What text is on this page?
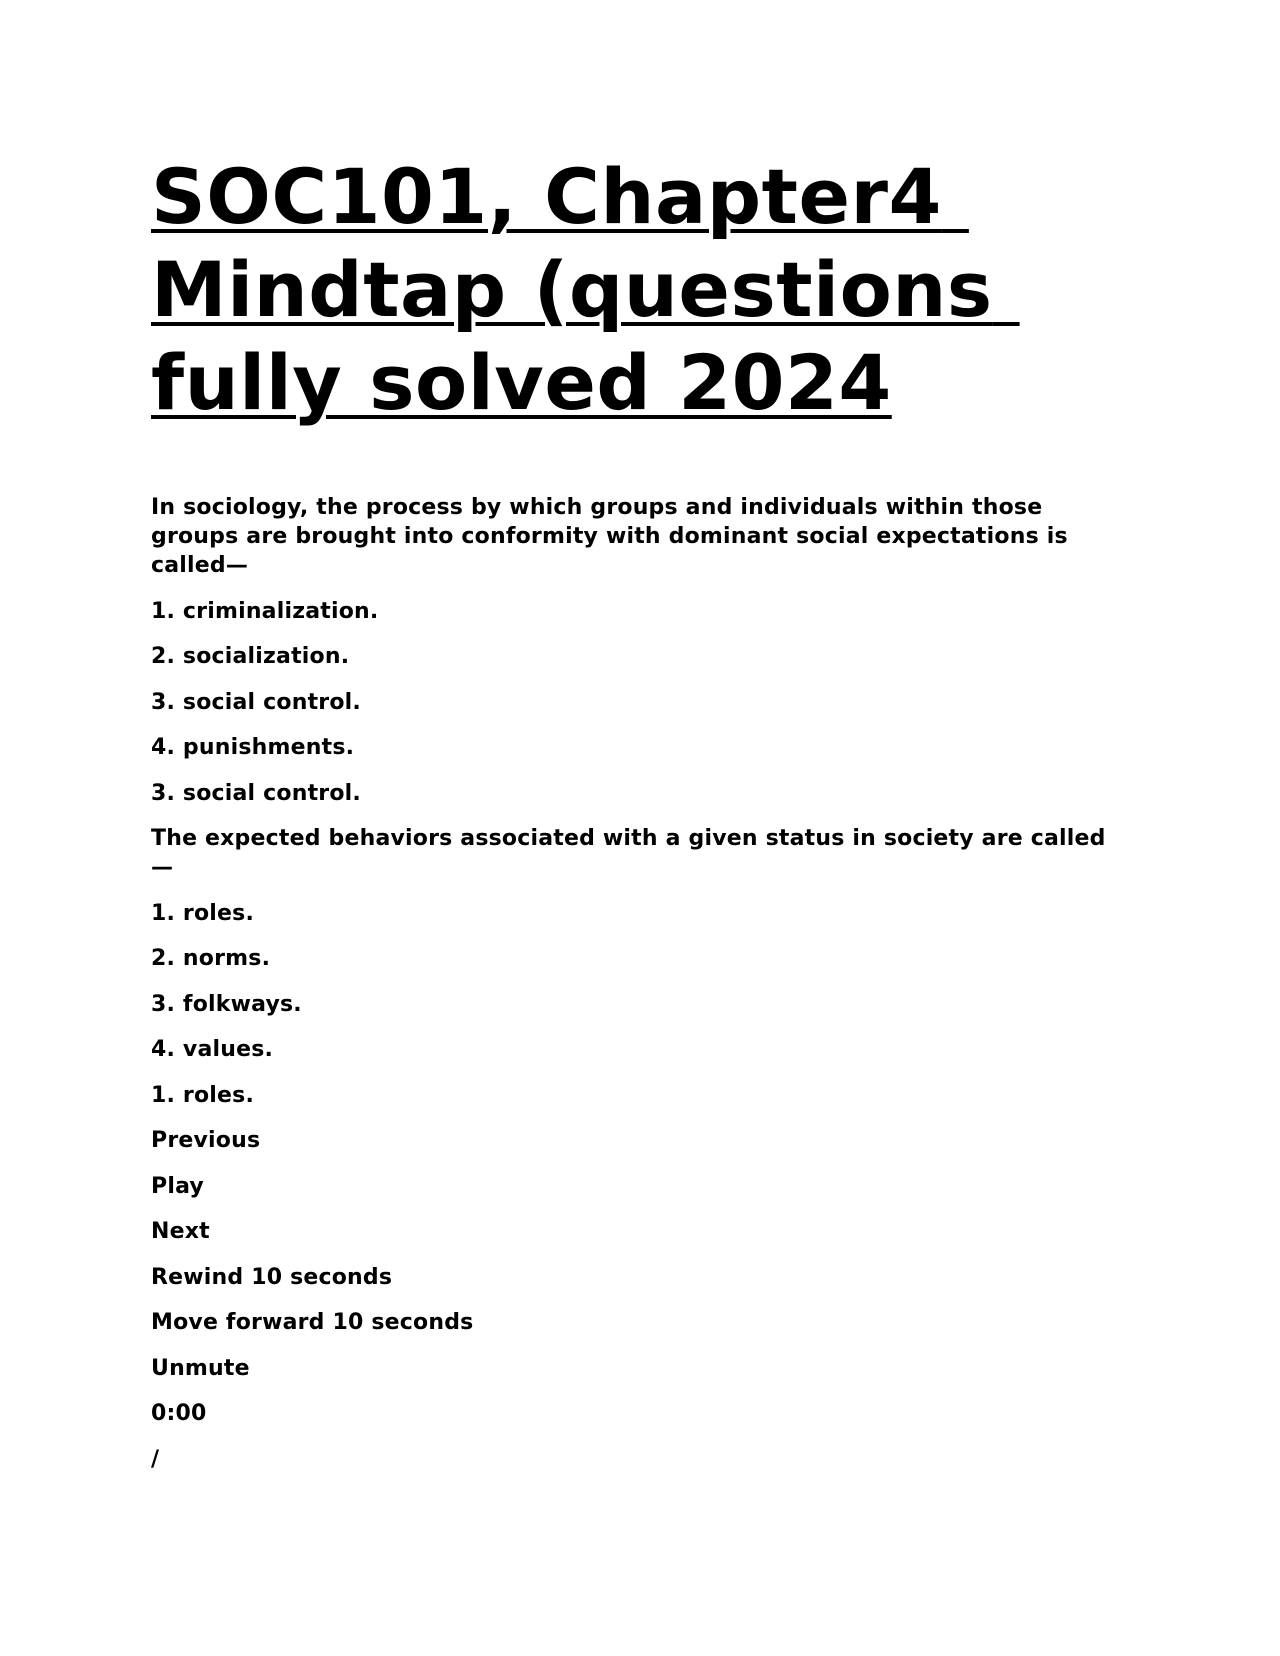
SOC101, Chapter4 Mindtap (questions fully solved 2024

In sociology, the process by which groups and individuals within those groups are brought into conformity with dominant social expectations is called—

1. criminalization.

2. socialization.

3. social control.

4. punishments.

3. social control.

The expected behaviors associated with a given status in society are called—

1. roles.

2. norms.

3. folkways.

4. values.

1. roles.

Previous

Play

Next

Rewind 10 seconds

Move forward 10 seconds

Unmute

0:00

/
